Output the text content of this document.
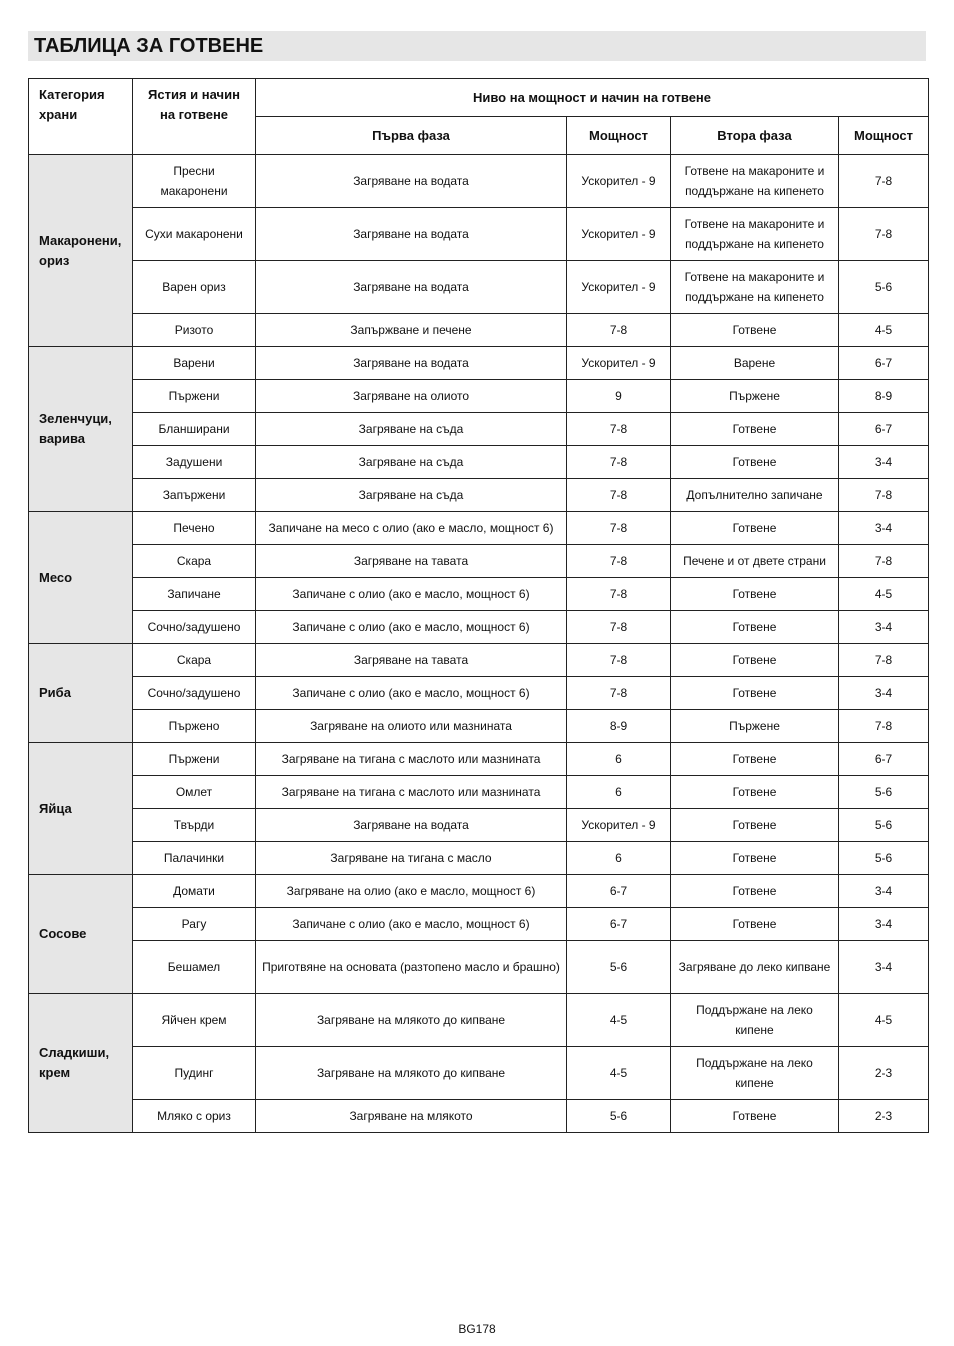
ТАБЛИЦА ЗА ГОТВЕНЕ
Категория храни	Ястия и начин на готвене	Ниво на мощност и начин на готвене			
		Първа фаза	Мощност	Втора фаза	Мощност
Макаронени, ориз	Пресни макаронени	Загряване на водата	Ускорител - 9	Готвене на макароните и поддържане на кипенето	7-8
	Сухи макаронени	Загряване на водата	Ускорител - 9	Готвене на макароните и поддържане на кипенето	7-8
	Варен ориз	Загряване на водата	Ускорител - 9	Готвене на макароните и поддържане на кипенето	5-6
	Ризото	Запържване и печене	7-8	Готвене	4-5
Зеленчуци, варива	Варени	Загряване на водата	Ускорител - 9	Варене	6-7
	Пържени	Загряване на олиото	9	Пържене	8-9
	Бланширани	Загряване на съда	7-8	Готвене	6-7
	Задушени	Загряване на съда	7-8	Готвене	3-4
	Запържени	Загряване на съда	7-8	Допълнително запичане	7-8
Месо	Печено	Запичане на месо с олио (ако е масло, мощност 6)	7-8	Готвене	3-4
	Скара	Загряване на тавата	7-8	Печене и от двете страни	7-8
	Запичане	Запичане с олио (ако е масло, мощност 6)	7-8	Готвене	4-5
	Сочно/задушено	Запичане с олио (ако е масло, мощност 6)	7-8	Готвене	3-4
Риба	Скара	Загряване на тавата	7-8	Готвене	7-8
	Сочно/задушено	Запичане с олио (ако е масло, мощност 6)	7-8	Готвене	3-4
	Пържено	Загряване на олиото или мазнината	8-9	Пържене	7-8
Яйца	Пържени	Загряване на тигана с маслото или мазнината	6	Готвене	6-7
	Омлет	Загряване на тигана с маслото или мазнината	6	Готвене	5-6
	Твърди	Загряване на водата	Ускорител - 9	Готвене	5-6
	Палачинки	Загряване на тигана с масло	6	Готвене	5-6
Сосове	Домати	Загряване на олио (ако е масло, мощност 6)	6-7	Готвене	3-4
	Рагу	Запичане с олио (ако е масло, мощност 6)	6-7	Готвене	3-4
	Бешамел	Приготвяне на основата (разтопено масло и брашно)	5-6	Загряване до леко кипване	3-4
Сладкиши, крем	Яйчен крем	Загряване на млякото до кипване	4-5	Поддържане на леко кипене	4-5
	Пудинг	Загряване на млякото до кипване	4-5	Поддържане на леко кипене	2-3
	Мляко с ориз	Загряване на млякото	5-6	Готвене	2-3
BG178
